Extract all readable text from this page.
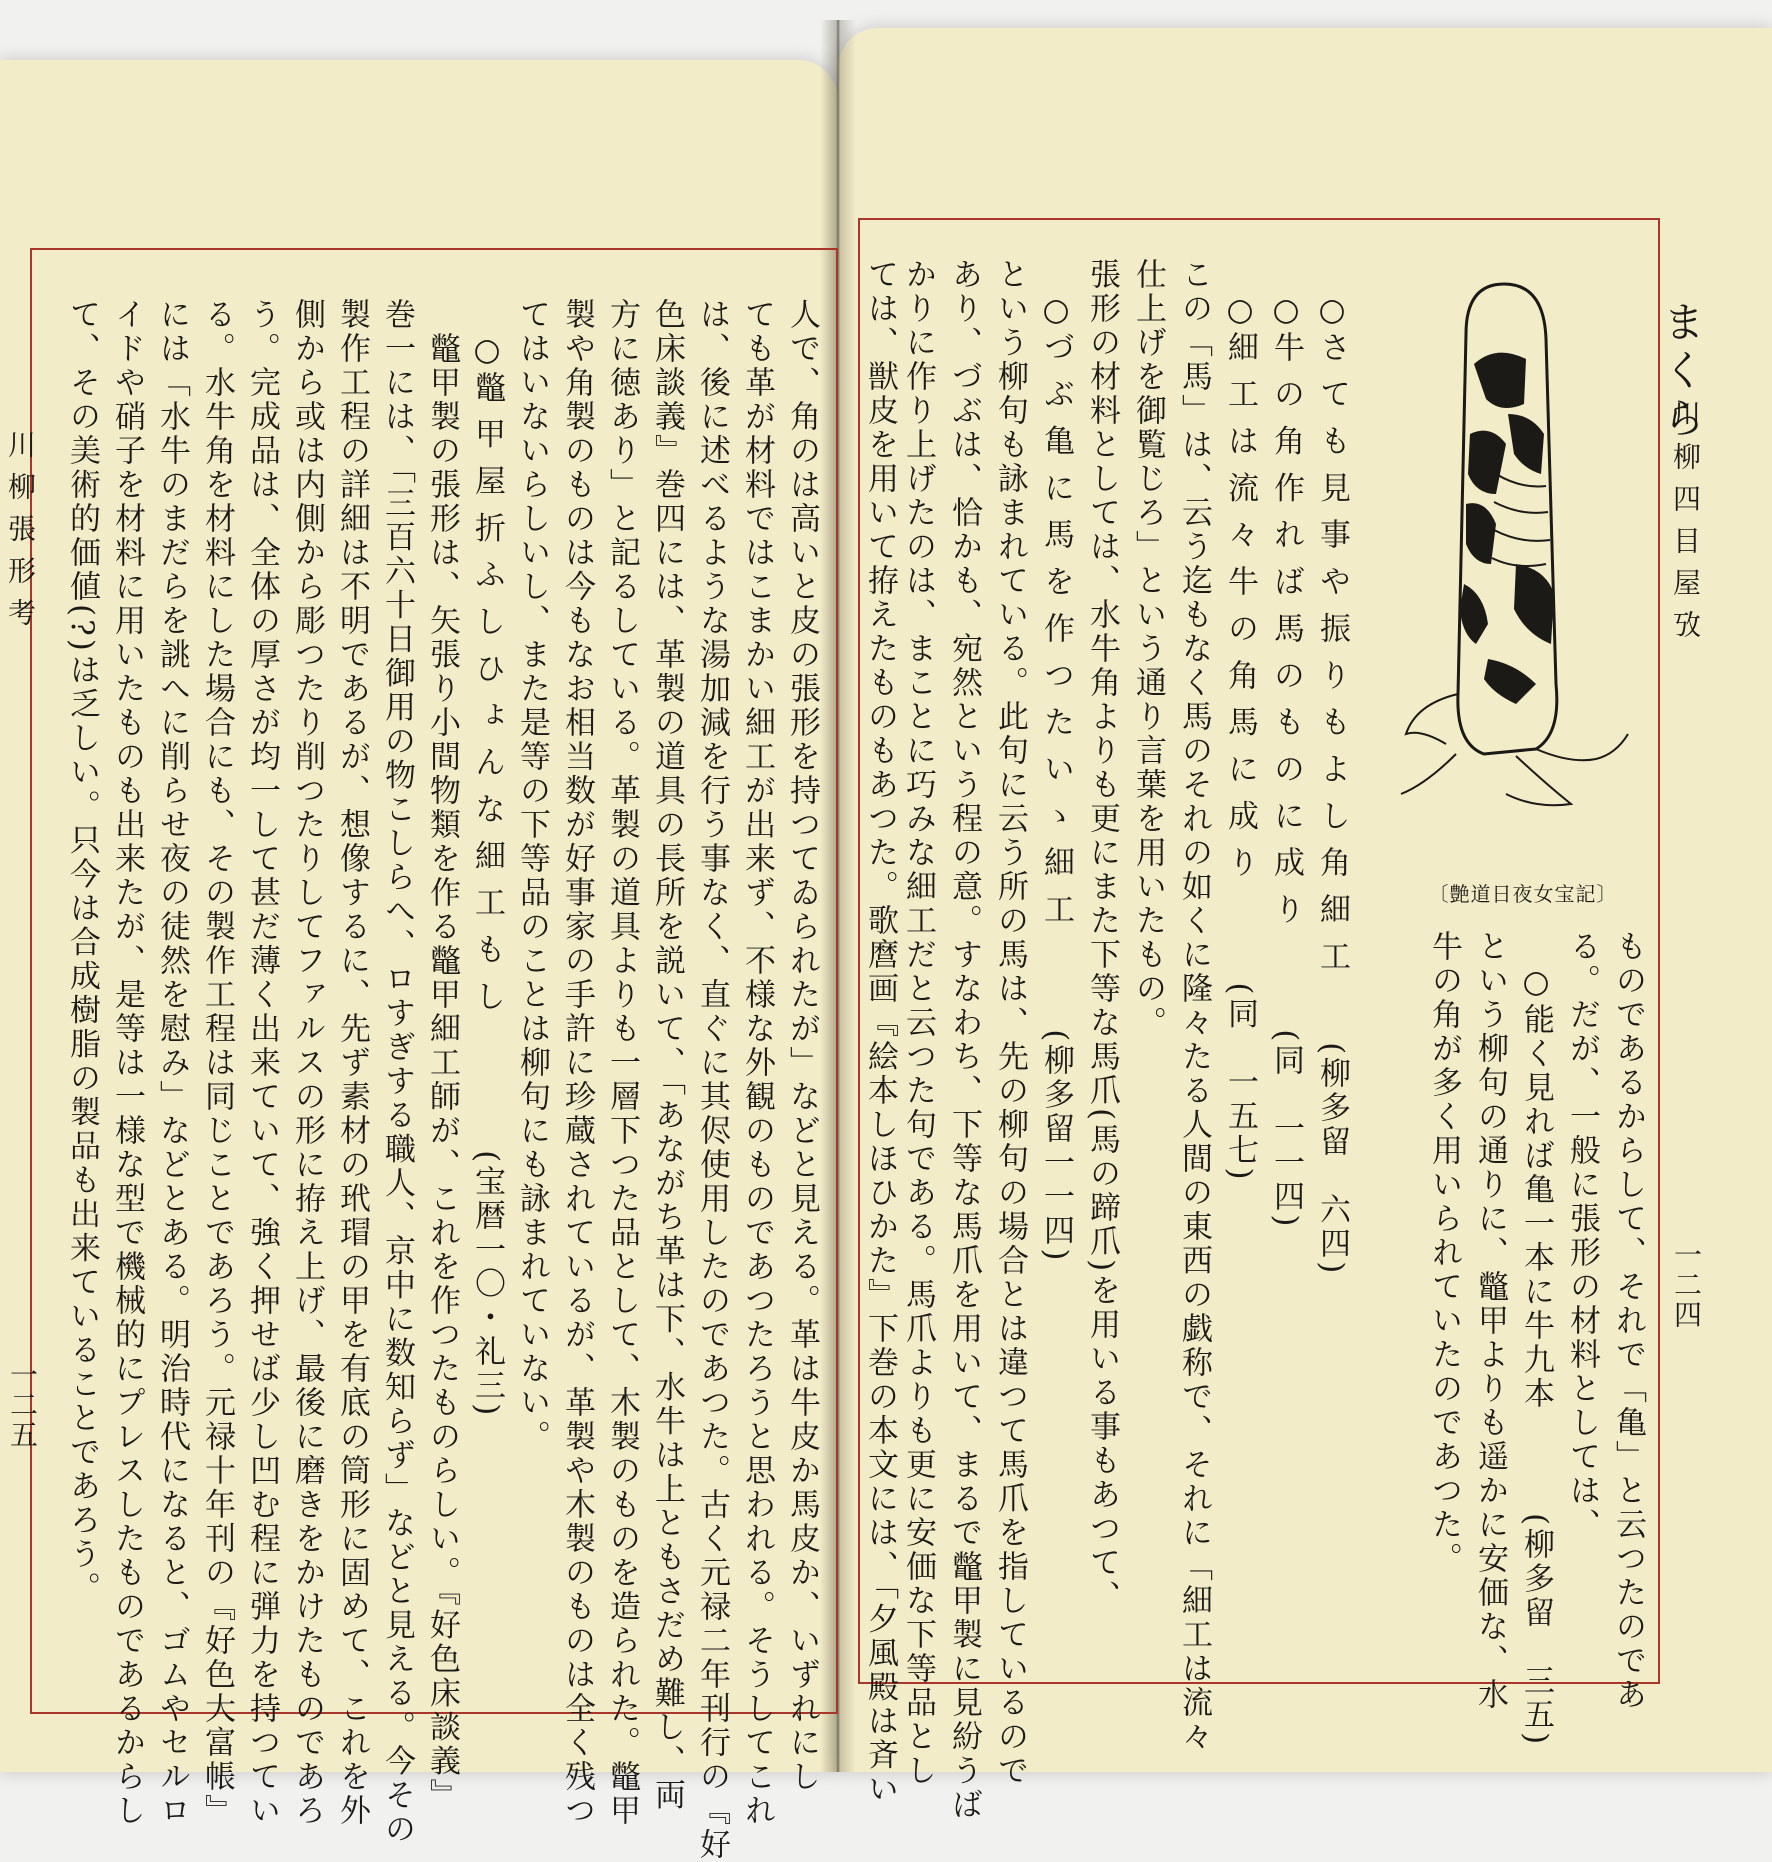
川柳張形考
一二五	人で、角のは高いと皮の張形を持つてゐられたが」などと見える。革は牛皮か馬皮か、いずれにし
ても革が材料ではこまかい細工が出来ず、不様な外観のものであつたろうと思われる。そうしてこれ
は、後に述べるような湯加減を行う事なく、直ぐに其侭使用したのであつた。古く元禄二年刊行の『好
色床談義』巻四には、革製の道具の長所を説いて、「あながち革は下、水牛は上ともさだめ難し、両
方に徳あり」と記るしている。革製の道具よりも一層下つた品として、木製のものを造られた。鼈甲
製や角製のものは今もなお相当数が好事家の手許に珍蔵されているが、革製や木製のものは全く残つ
てはいないらしいし、また是等の下等品のことは柳句にも詠まれていない。
　○鼈 甲 屋 折 ふ し ひ ょ ん な 細 工 も し　　　　(宝暦一〇・礼三)
　鼈甲製の張形は、矢張り小間物類を作る鼈甲細工師が、これを作つたものらしい。『好色床談義』
巻一には、「三百六十日御用の物こしらへ、ロすぎする職人、京中に数知らず」などと見える。今その
製作工程の詳細は不明であるが、想像するに、先ず素材の玳瑁の甲を有底の筒形に固めて、これを外
側から或は内側から彫つたり削つたりしてファルスの形に拵え上げ、最後に磨きをかけたものであろ
う。完成品は、全体の厚さが均一して甚だ薄く出来ていて、強く押せば少し凹む程に弾力を持つてい
る。水牛角を材料にした場合にも、その製作工程は同じことであろう。元禄十年刊の『好色大富帳』
には「水牛のまだらを誂へに削らせ夜の徒然を慰み」などとある。明治時代になると、ゴムやセルロ
イドや硝子を材料に用いたものも出来たが、是等は一様な型で機械的にプレスしたものであるからし
て、その美術的価値(?)は乏しい。只今は合成樹脂の製品も出来ていることであろう。	川柳四目屋攷
一二四
まくら
〔艶道日夜女宝記〕
ものであるからして、それで「亀」と云つたのであ
る。だが、一般に張形の材料としては、
　○能く見れば亀一本に牛九本　　　(柳多留　三五)
という柳句の通りに、鼈甲よりも遥かに安価な、水
牛の角が多く用いられていたのであつた。
　○さ て も 見 事 や 振 り も よ し 角 細 工　　(柳多留　六四)
　○牛 の 角 作 れ ば 馬 の も の に 成 り　　　(同　一一四)
　○細 工 は 流 々 牛 の 角 馬 に 成 り　　　(同　一五七)
この「馬」は、云う迄もなく馬のそれの如くに隆々たる人間の東西の戯称で、それに「細工は流々
仕上げを御覧じろ」という通り言葉を用いたもの。
張形の材料としては、水牛角よりも更にまた下等な馬爪(馬の蹄爪)を用いる事もあつて、
　○づ ぶ 亀 に 馬 を 作 つ た い ゝ 細 工　　　(柳多留一一四)
という柳句も詠まれている。此句に云う所の馬は、先の柳句の場合とは違つて馬爪を指しているので
あり、づぶは、恰かも、宛然という程の意。すなわち、下等な馬爪を用いて、まるで鼈甲製に見紛うば
かりに作り上げたのは、まことに巧みな細工だと云つた句である。馬爪よりも更に安価な下等品とし
ては、獣皮を用いて拵えたものもあつた。歌麿画『絵本しほひかた』下巻の本文には、「夕風殿は斉い
